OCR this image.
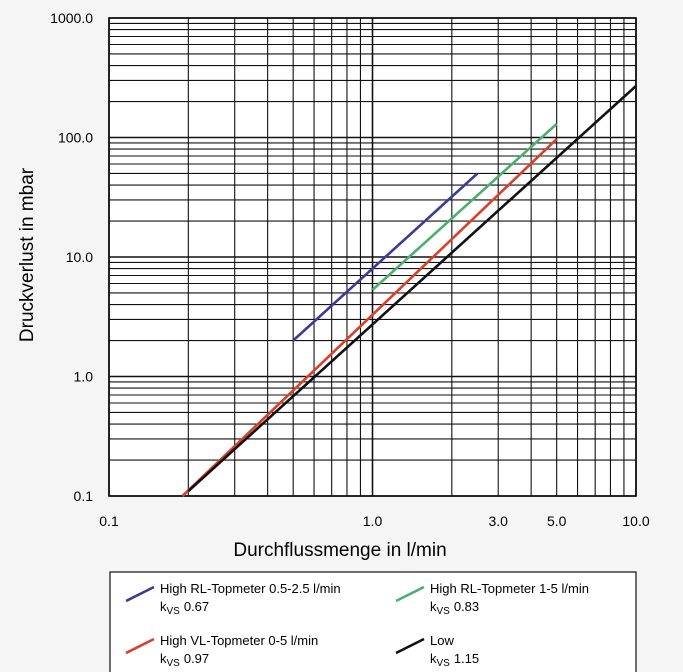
0.1	1.0	3.0	5.0	10.0
0.1
1.0
10.0
100.0
1000.0
Durchflussmenge in l/min
Druckverlust in mbar
High RL-Topmeter 0.5-2.5 l/min
$k_{VS}$ 0.67
High RL-Topmeter 1-5 l/min
$k_{VS}$ 0.83
High VL-Topmeter 0-5 l/min
$k_{VS}$ 0.97
Low
$k_{VS}$ 1.15
